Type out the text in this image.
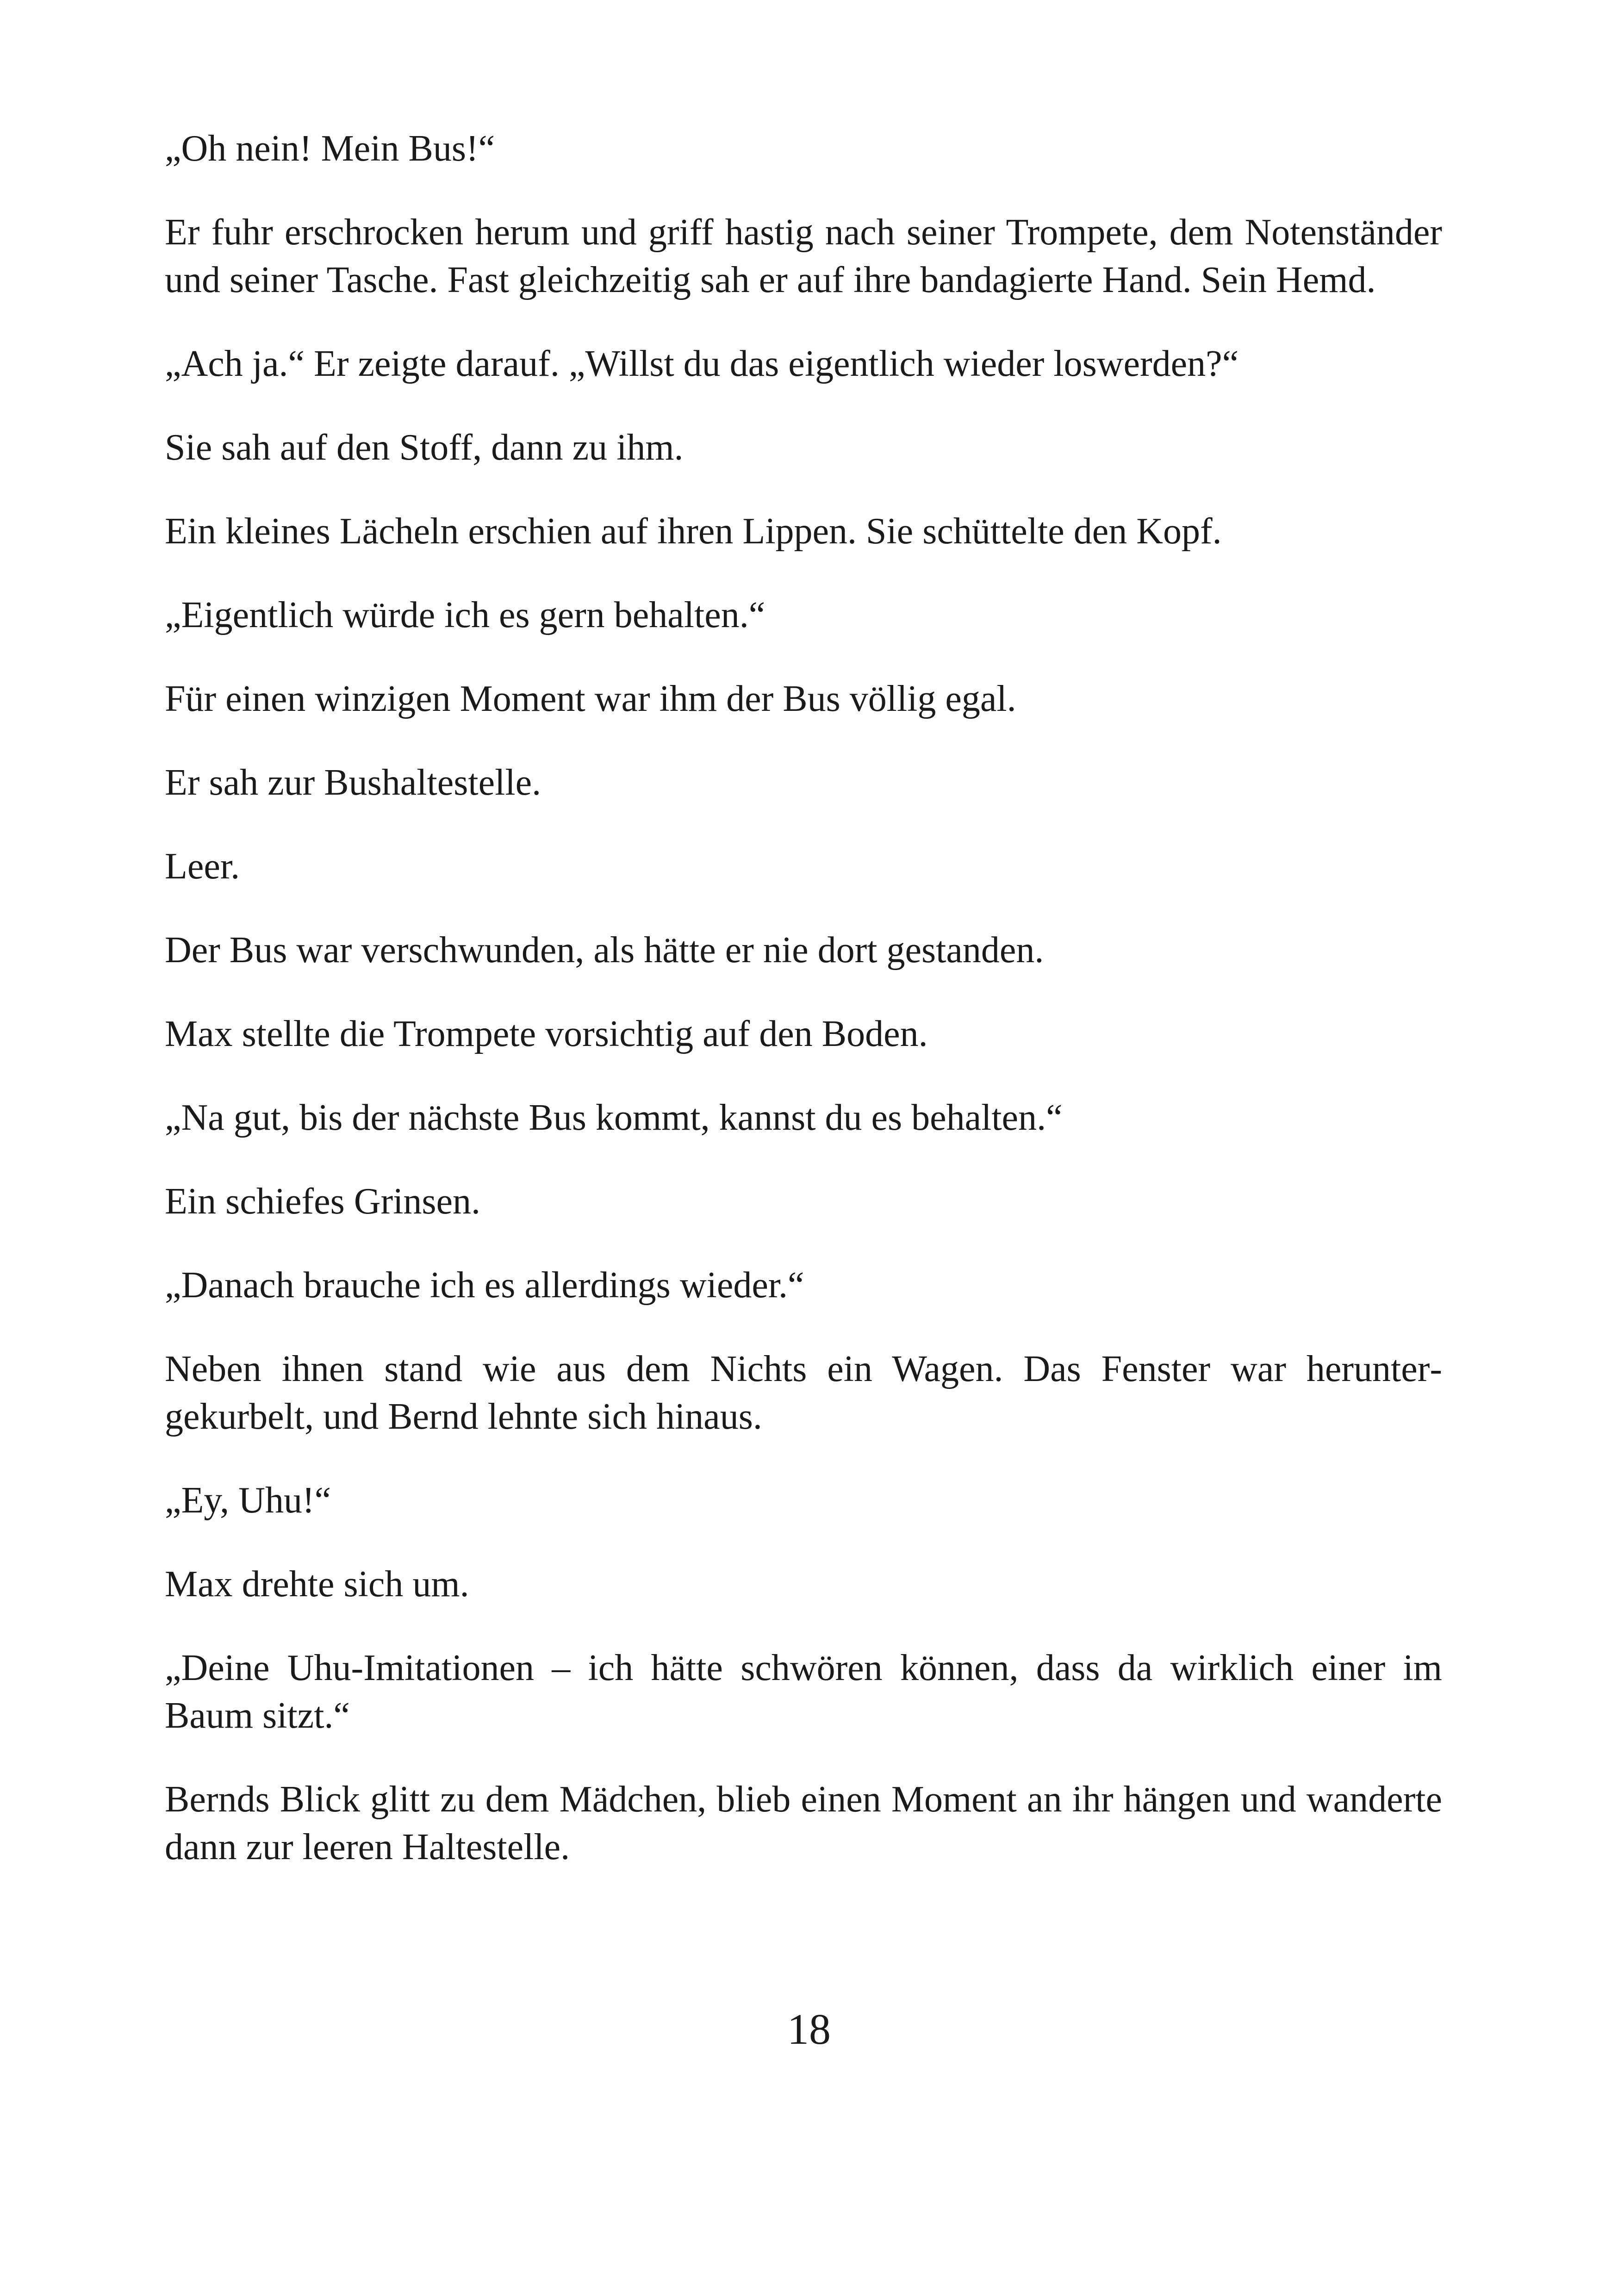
„Oh nein! Mein Bus!“

Er fuhr erschrocken herum und griff hastig nach seiner Trompete, dem Notenständer und seiner Tasche. Fast gleichzeitig sah er auf ihre bandagierte Hand. Sein Hemd.

„Ach ja.“ Er zeigte darauf. „Willst du das eigentlich wieder loswerden?“

Sie sah auf den Stoff, dann zu ihm.

Ein kleines Lächeln erschien auf ihren Lippen. Sie schüttelte den Kopf.

„Eigentlich würde ich es gern behalten.“

Für einen winzigen Moment war ihm der Bus völlig egal.

Er sah zur Bushaltestelle.

Leer.

Der Bus war verschwunden, als hätte er nie dort gestanden.

Max stellte die Trompete vorsichtig auf den Boden.

„Na gut, bis der nächste Bus kommt, kannst du es behalten.“

Ein schiefes Grinsen.

„Danach brauche ich es allerdings wieder.“

Neben ihnen stand wie aus dem Nichts ein Wagen. Das Fenster war heruntergekurbelt, und Bernd lehnte sich hinaus.

„Ey, Uhu!“

Max drehte sich um.

„Deine Uhu-Imitationen – ich hätte schwören können, dass da wirklich einer im Baum sitzt.“

Bernds Blick glitt zu dem Mädchen, blieb einen Moment an ihr hängen und wanderte dann zur leeren Haltestelle.

18
